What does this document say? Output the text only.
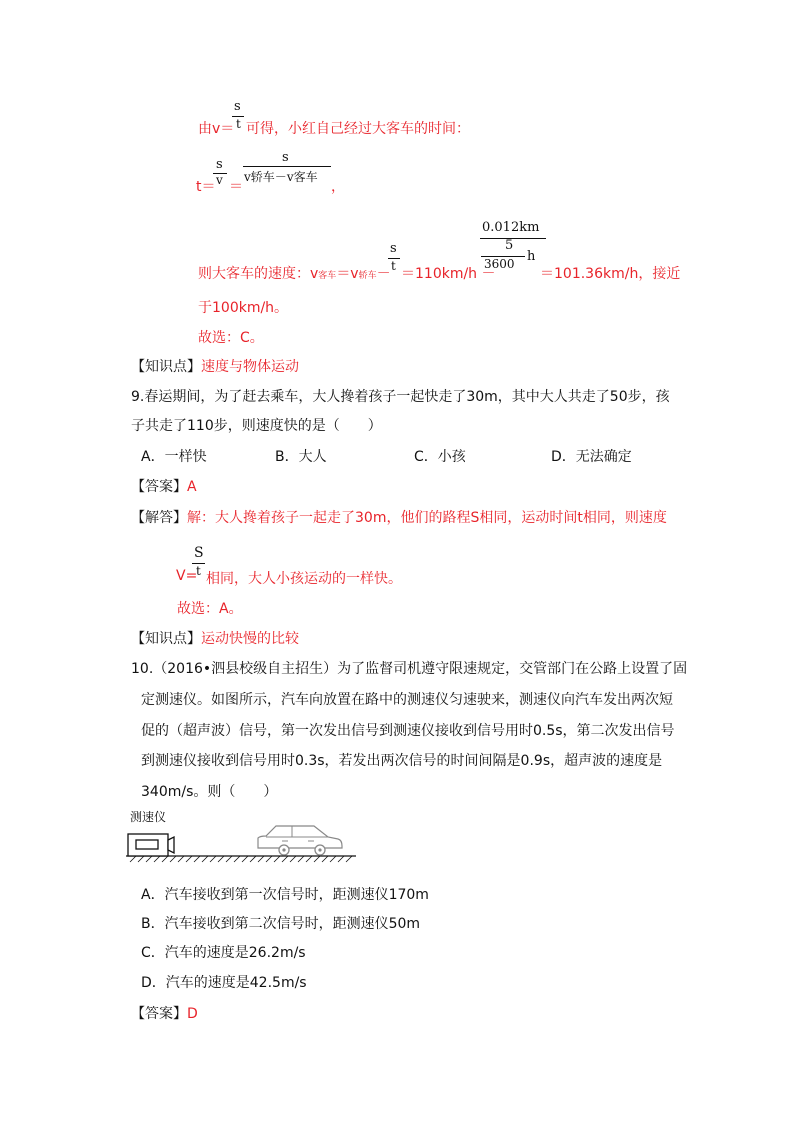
由v＝
s
t 可得，小红自己经过大客车的时间：
t＝
s
v ＝
s
v轿车－v客车
，
则大客车的速度：v客车＝v轿车－
s
t ＝110km/h －
0.012km
5
3600 h
＝101.36km/h，接近
于100km/h。
故选：C。
【知识点】速度与物体运动
9.春运期间，为了赶去乘车，大人搀着孩子一起快走了30m，其中大人共走了50步，孩
子共走了110步，则速度快的是（　　）
A．一样快	B．大人	C．小孩	D．无法确定
【答案】A
【解答】解：大人搀着孩子一起走了30m，他们的路程S相同，运动时间t相同，则速度
V=
S
t 相同，大人小孩运动的一样快。
故选：A。
【知识点】运动快慢的比较
10.（2016•泗县校级自主招生）为了监督司机遵守限速规定，交管部门在公路上设置了固
定测速仪。如图所示，汽车向放置在路中的测速仪匀速驶来，测速仪向汽车发出两次短
促的（超声波）信号，第一次发出信号到测速仪接收到信号用时0.5s，第二次发出信号
到测速仪接收到信号用时0.3s，若发出两次信号的时间间隔是0.9s，超声波的速度是
340m/s。则（　　）
测速仪
A．汽车接收到第一次信号时，距测速仪170m
B．汽车接收到第二次信号时，距测速仪50m
C．汽车的速度是26.2m/s
D．汽车的速度是42.5m/s
【答案】D
